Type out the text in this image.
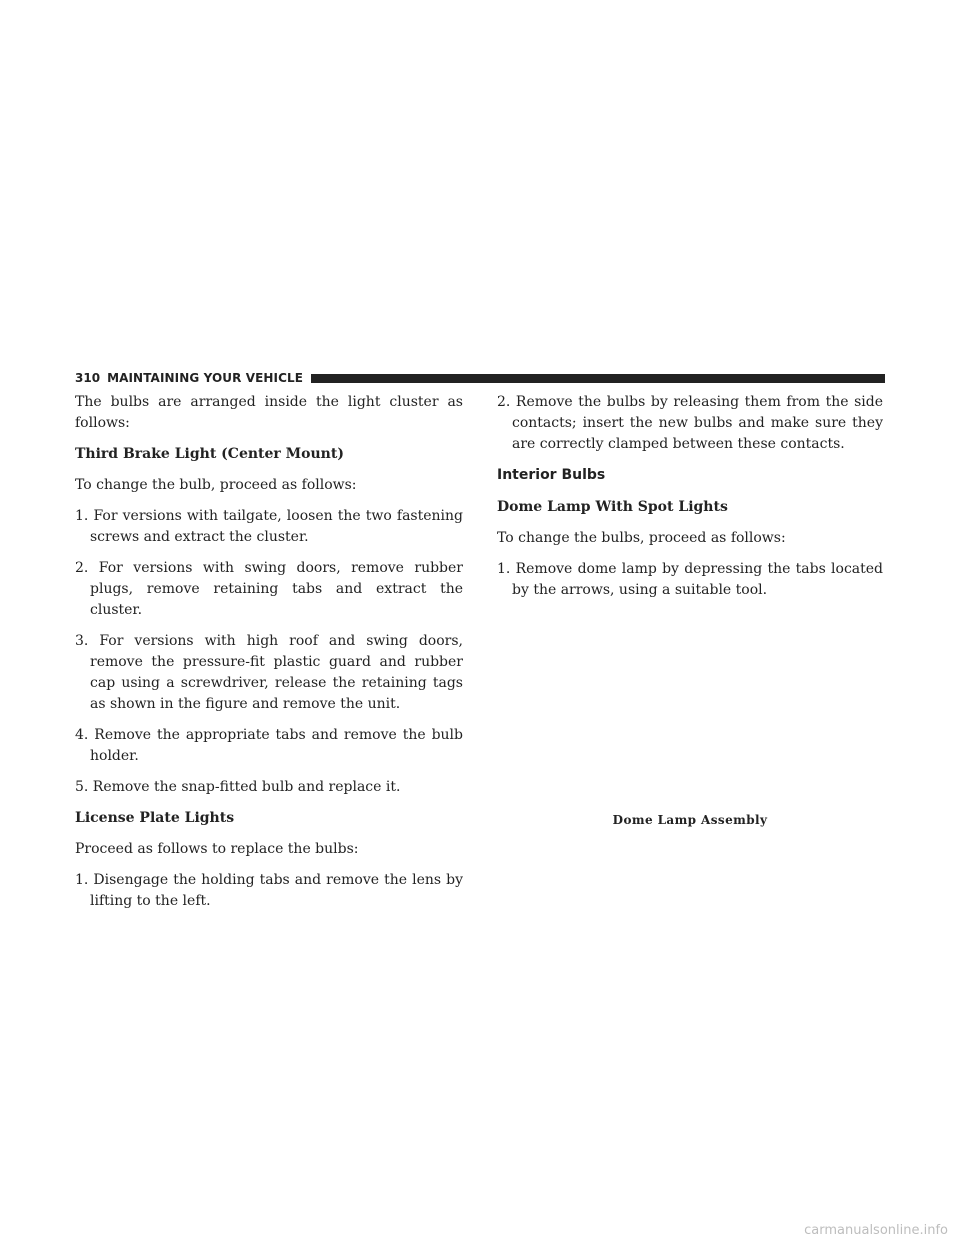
310 MAINTAINING YOUR VEHICLE

The bulbs are arranged inside the light cluster as follows:

Third Brake Light (Center Mount)

To change the bulb, proceed as follows:

1. For versions with tailgate, loosen the two fastening screws and extract the cluster.

2. For versions with swing doors, remove rubber plugs, remove retaining tabs and extract the cluster.

3. For versions with high roof and swing doors, remove the pressure-fit plastic guard and rubber cap using a screwdriver, release the retaining tags as shown in the figure and remove the unit.

4. Remove the appropriate tabs and remove the bulb holder.

5. Remove the snap-fitted bulb and replace it.

License Plate Lights

Proceed as follows to replace the bulbs:

1. Disengage the holding tabs and remove the lens by lifting to the left.

2. Remove the bulbs by releasing them from the side contacts; insert the new bulbs and make sure they are correctly clamped between these contacts.

Interior Bulbs

Dome Lamp With Spot Lights

To change the bulbs, proceed as follows:

1. Remove dome lamp by depressing the tabs located by the arrows, using a suitable tool.

Dome Lamp Assembly
carmanualsonline.info
